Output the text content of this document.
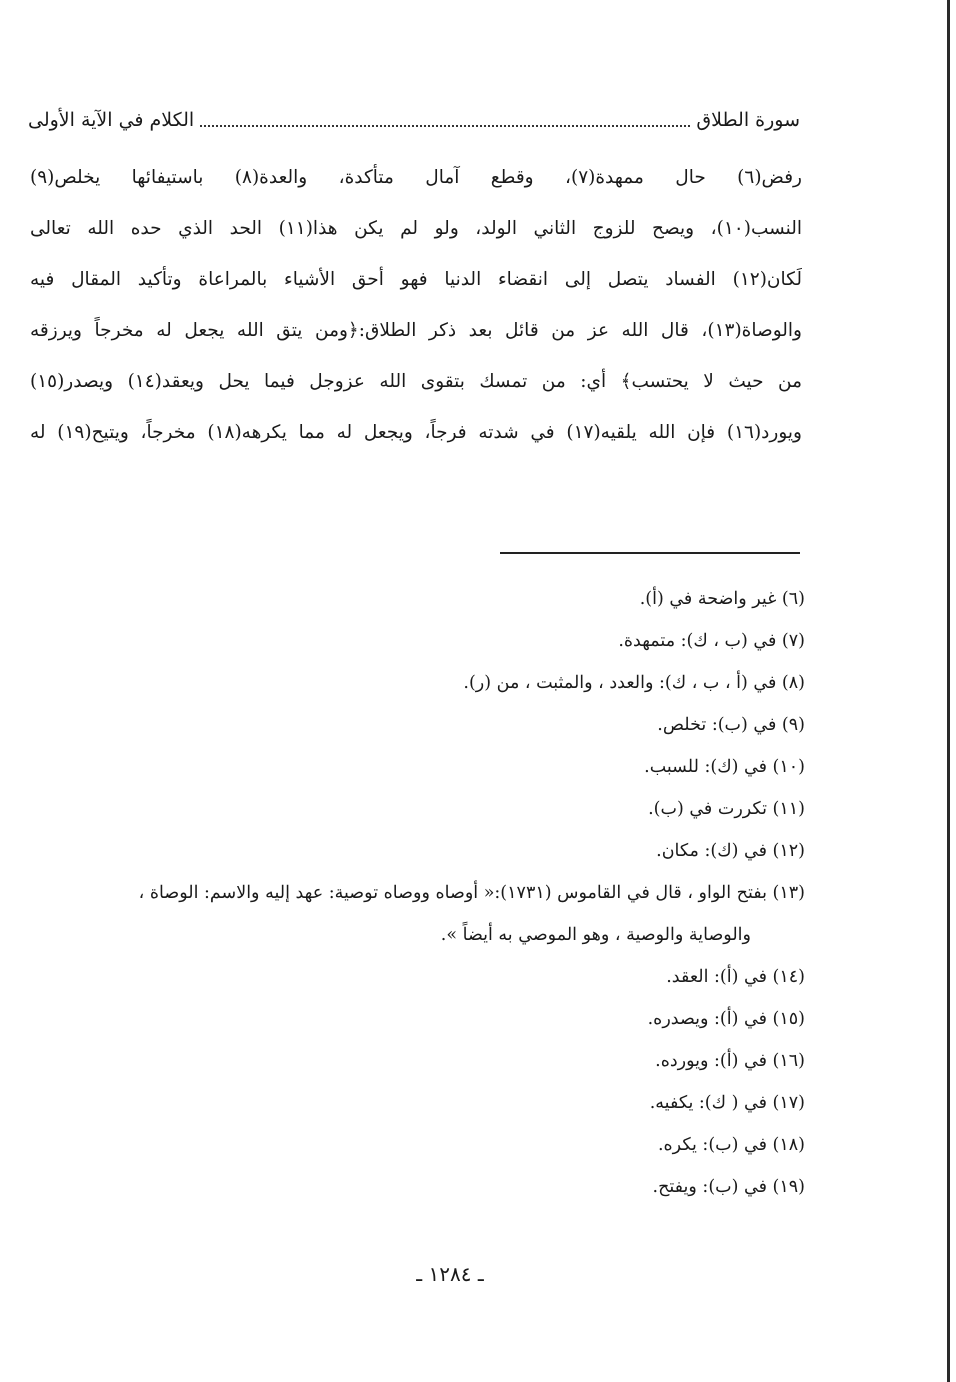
سورة الطلاق
الكلام في الآية الأولى
رفض(٦) حال ممهدة(٧)، وقطع آمال متأكدة، والعدة(٨) باستيفائها يخلص(٩)
النسب(١٠)، ويصح للزوج الثاني الولد، ولو لم يكن هذا(١١) الحد الذي حده الله تعالى
لَكان(١٢) الفساد يتصل إلى انقضاء الدنيا فهو أحق الأشياء بالمراعاة وتأكيد المقال فيه
والوصاة(١٣)، قال الله عز من قائل بعد ذكر الطلاق:﴿ومن يتق الله يجعل له مخرجاً ويرزقه
من حيث لا يحتسب﴾ أي: من تمسك بتقوى الله عزوجل فيما يحل ويعقد(١٤) ويصدر(١٥)
ويورد(١٦) فإن الله يلقيه(١٧) في شدته فرجاً، ويجعل له مما يكرهه(١٨) مخرجاً، ويتيح(١٩) له
(٦) غير واضحة في (أ).
(٧) في (ب ، ك): متمهدة.
(٨) في (أ ، ب ، ك): والعدد ، والمثبت ، من (ر).
(٩) في (ب): تخلص.
(١٠) في (ك): للسبب.
(١١) تكررت في (ب).
(١٢) في (ك): مكان.
(١٣) بفتح الواو ، قال في القاموس (١٧٣١):« أوصاه ووصاه توصية: عهد إليه والاسم: الوصاة ،
والوصاية والوصية ، وهو الموصي به أيضاً ».
(١٤) في (أ): العقد.
(١٥) في (أ): ويصدره.
(١٦) في (أ): ويورده.
(١٧) في ( ك): يكفيه.
(١٨) في (ب): يكره.
(١٩) في (ب): ويفتح.
ـ ١٢٨٤ ـ
